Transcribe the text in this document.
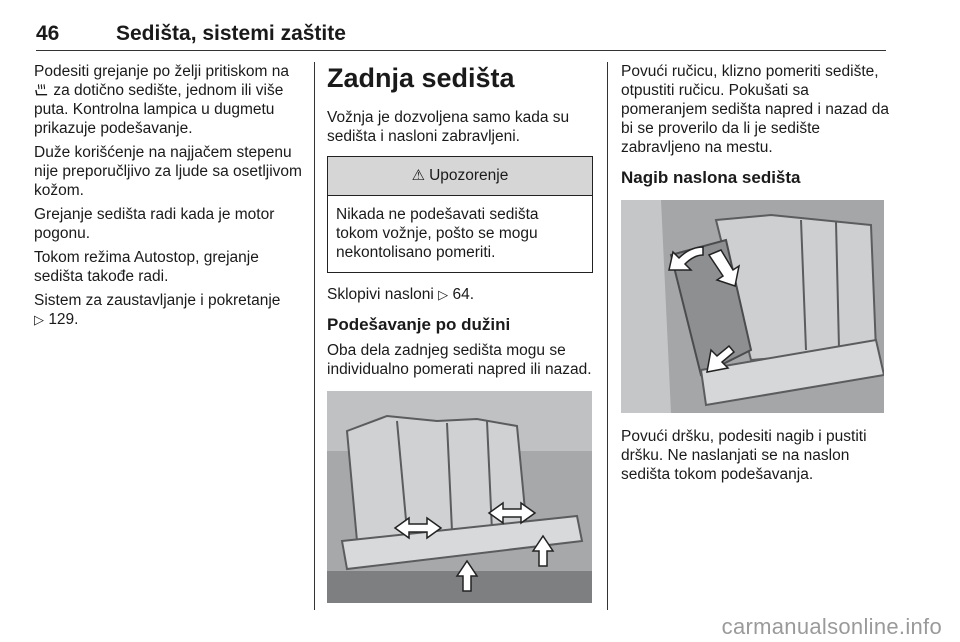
46	Sedišta, sistemi zaštite

Podesiti grejanje po želji pritiskom na  za dotično sedište, jednom ili više puta. Kontrolna lampica u dugmetu prikazuje podešavanje.

Duže korišćenje na najjačem stepenu nije preporučljivo za ljude sa osetljivom kožom.

Grejanje sedišta radi kada je motor pogonu.

Tokom režima Autostop, grejanje sedišta takođe radi.

Sistem za zaustavljanje i pokretanje
▷ 129.

Zadnja sedišta

Vožnja je dozvoljena samo kada su sedišta i nasloni zabravljeni.

⚠ Upozorenje
Nikada ne podešavati sedišta tokom vožnje, pošto se mogu nekontolisano pomeriti.

Sklopivi nasloni ▷ 64.

Podešavanje po dužini

Oba dela zadnjeg sedišta mogu se individualno pomerati napred ili nazad.

Povući ručicu, klizno pomeriti sedište, otpustiti ručicu. Pokušati sa pomeranjem sedišta napred i nazad da bi se proverilo da li je sedište zabravljeno na mestu.

Nagib naslona sedišta

Povući dršku, podesiti nagib i pustiti dršku. Ne naslanjati se na naslon sedišta tokom podešavanja.

carmanualsonline.info
